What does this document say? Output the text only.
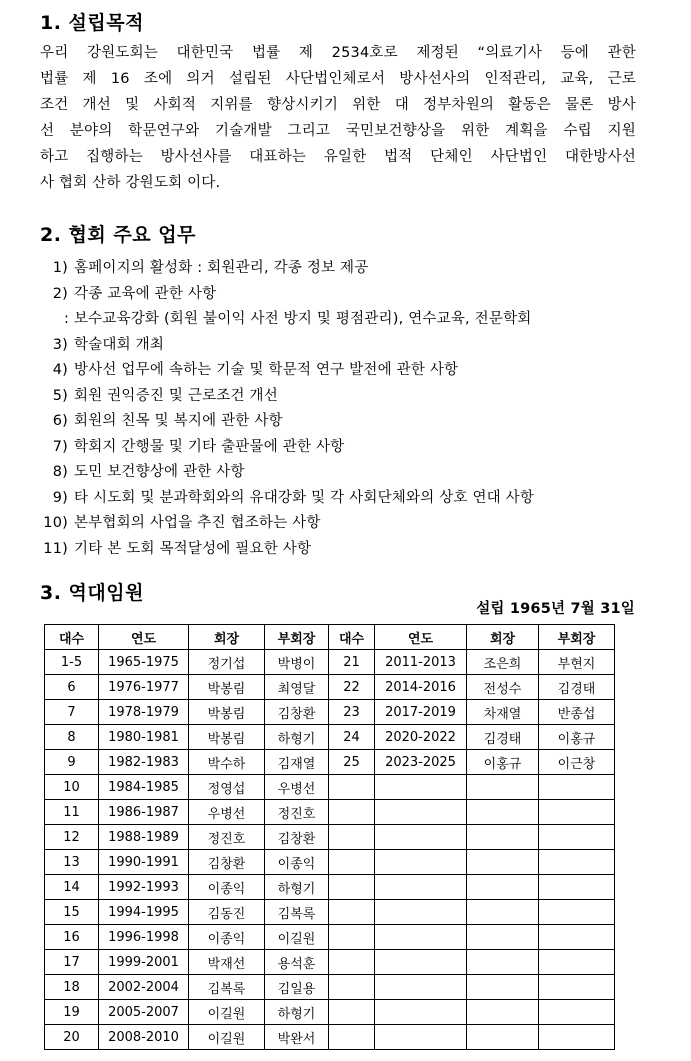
1. 설립목적
우리 강원도회는 대한민국 법률 제 2534호로 제정된 “의료기사 등에 관한
법률 제 16 조에 의거 설립된 사단법인체로서 방사선사의 인적관리, 교육, 근로
조건 개선 및 사회적 지위를 향상시키기 위한 대 정부차원의 활동은 물론 방사
선 분야의 학문연구와 기술개발 그리고 국민보건향상을 위한 계획을 수립 지원
하고 집행하는 방사선사를 대표하는 유일한 법적 단체인 사단법인 대한방사선
사 협회 산하 강원도회 이다.
2. 협회 주요 업무
1) 홈페이지의 활성화 : 회원관리, 각종 정보 제공
2) 각종 교육에 관한 사항
: 보수교육강화 (회원 불이익 사전 방지 및 평점관리), 연수교육, 전문학회
3) 학술대회 개최
4) 방사선 업무에 속하는 기술 및 학문적 연구 발전에 관한 사항
5) 회원 권익증진 및 근로조건 개선
6) 회원의 친목 및 복지에 관한 사항
7) 학회지 간행물 및 기타 출판물에 관한 사항
8) 도민 보건향상에 관한 사항
9) 타 시도회 및 분과학회와의 유대강화 및 각 사회단체와의 상호 연대 사항
10) 본부협회의 사업을 추진 협조하는 사항
11) 기타 본 도회 목적달성에 필요한 사항
3. 역대임원
설립 1965년 7월 31일
대수	연도	회장	부회장	대수	연도	회장	부회장
1-5	1965-1975	정기섭	박병이	21	2011-2013	조은희	부현지
6	1976-1977	박봉림	최영달	22	2014-2016	전성수	김경태
7	1978-1979	박봉림	김창환	23	2017-2019	차재열	반종섭
8	1980-1981	박봉림	하형기	24	2020-2022	김경태	이홍규
9	1982-1983	박수하	김재열	25	2023-2025	이홍규	이근창
10	1984-1985	정영섭	우병선				
11	1986-1987	우병선	정진호				
12	1988-1989	정진호	김창환				
13	1990-1991	김창환	이종익				
14	1992-1993	이종익	하형기				
15	1994-1995	김동진	김복록				
16	1996-1998	이종익	이길원				
17	1999-2001	박재선	용석훈				
18	2002-2004	김복록	김일용				
19	2005-2007	이길원	하형기				
20	2008-2010	이길원	박완서				
